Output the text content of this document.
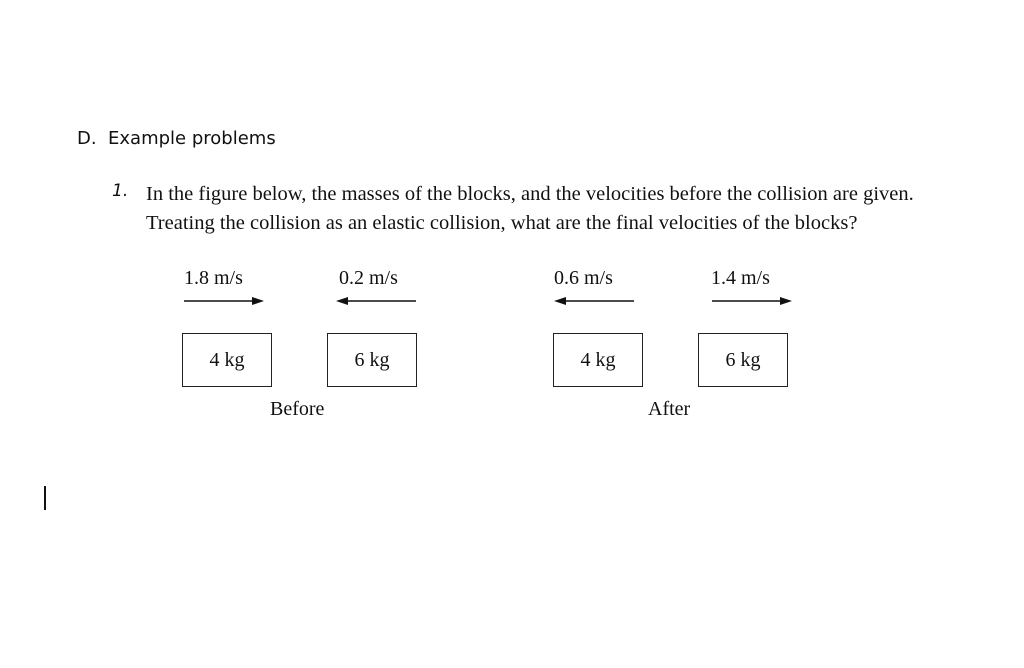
D.  Example problems
1. In the figure below, the masses of the blocks, and the velocities before the collision are given. Treating the collision as an elastic collision, what are the final velocities of the blocks?
1.8 m/s
4 kg
0.2 m/s
6 kg
Before
0.6 m/s
4 kg
1.4 m/s
6 kg
After
